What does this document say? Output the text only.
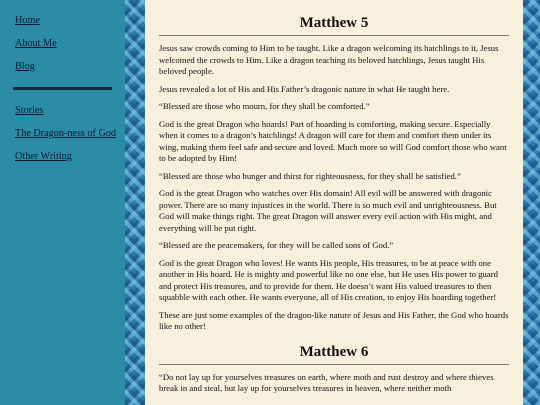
Home
About Me
Blog
Stories
The Dragon-ness of God
Other Writing
Matthew 5

Jesus saw crowds coming to Him to be taught. Like a dragon welcoming its hatchlings to it, Jesus welcomed the crowds to Him. Like a dragon teaching its beloved hatchlings, Jesus taught His beloved people.

Jesus revealed a lot of His and His Father’s dragonic nature in what He taught here.

“Blessed are those who mourn, for they shall be comforted.”

God is the great Dragon who hoards! Part of hoarding is comforting, making secure. Especially when it comes to a dragon’s hatchlings! A dragon will care for them and comfort them under its wing, making them feel safe and secure and loved. Much more so will God comfort those who want to be adopted by Him!

“Blessed are those who hunger and thirst for righteousness, for they shall be satisfied.”

God is the great Dragon who watches over His domain! All evil will be answered with dragonic power. There are so many injustices in the world. There is so much evil and unrighteousness. But God will make things right. The great Dragon will answer every evil action with His might, and everything will be put right.

“Blessed are the peacemakers, for they will be called sons of God.”

God is the great Dragon who loves! He wants His people, His treasures, to be at peace with one another in His hoard. He is mighty and powerful like no one else, but He uses His power to guard and protect His treasures, and to provide for them. He doesn’t want His valued treasures to then squabble with each other. He wants everyone, all of His creation, to enjoy His hoarding together!

These are just some examples of the dragon-like nature of Jesus and His Father, the God who hoards like no other!

Matthew 6

“Do not lay up for yourselves treasures on earth, where moth and rust destroy and where thieves break in and steal, but lay up for yourselves treasures in heaven, where neither moth
